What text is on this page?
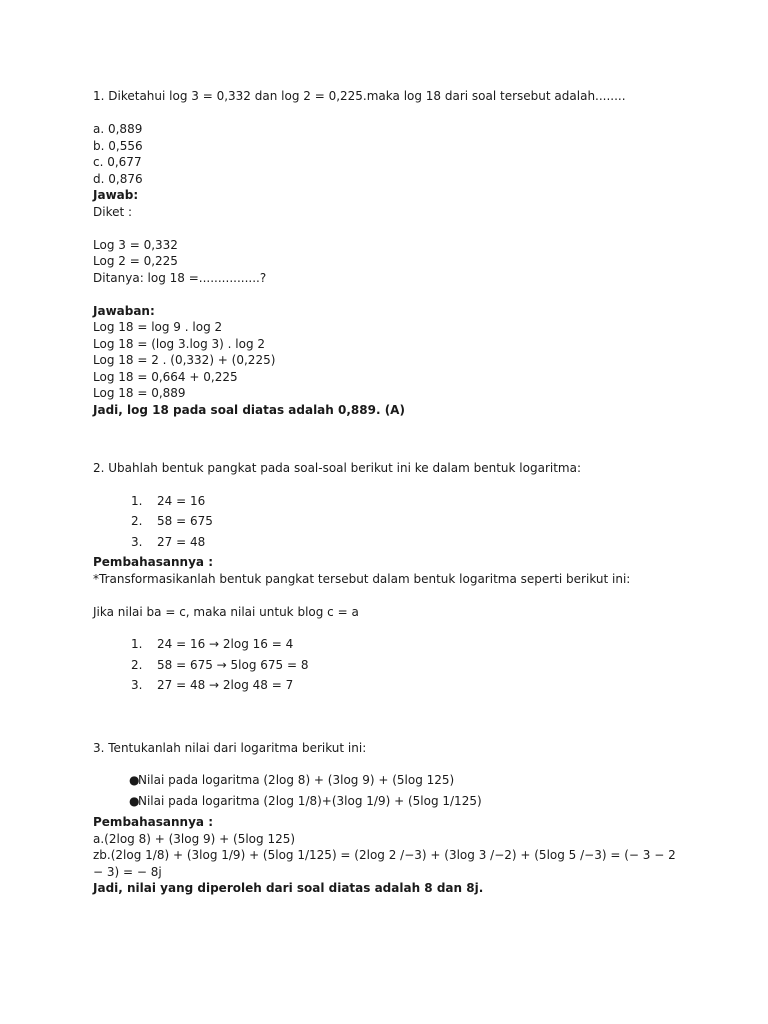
1. Diketahui log 3 = 0,332 dan log 2 = 0,225.maka log 18 dari soal tersebut adalah........
a. 0,889
b. 0,556
c. 0,677
d. 0,876
Jawab:
Diket :
Log 3 = 0,332
Log 2 = 0,225
Ditanya: log 18 =................?
Jawaban:
Log 18 = log 9 . log 2
Log 18 = (log 3.log 3) . log 2
Log 18 = 2 . (0,332) + (0,225)
Log 18 = 0,664 + 0,225
Log 18 = 0,889
Jadi, log 18 pada soal diatas adalah 0,889. (A)
2. Ubahlah bentuk pangkat pada soal-soal berikut ini ke dalam bentuk logaritma:
1. 24 = 16
2. 58 = 675
3. 27 = 48
Pembahasannya :
*Transformasikanlah bentuk pangkat tersebut dalam bentuk logaritma seperti berikut ini:
Jika nilai ba = c, maka nilai untuk blog c = a
1. 24 = 16 → 2log 16 = 4
2. 58 = 675 → 5log 675 = 8
3. 27 = 48 → 2log 48 = 7
3. Tentukanlah nilai dari logaritma berikut ini:
●
Nilai pada logaritma (2log 8) + (3log 9) + (5log 125)
●
Nilai pada logaritma (2log 1/8)+(3log 1/9) + (5log 1/125)
Pembahasannya :
a.(2log 8) + (3log 9) + (5log 125)
zb.(2log 1/8) + (3log 1/9) + (5log 1/125) = (2log 2 /−3) + (3log 3 /−2) + (5log 5 /−3) = (− 3 − 2 − 3) = − 8j
Jadi, nilai yang diperoleh dari soal diatas adalah 8 dan 8j.
